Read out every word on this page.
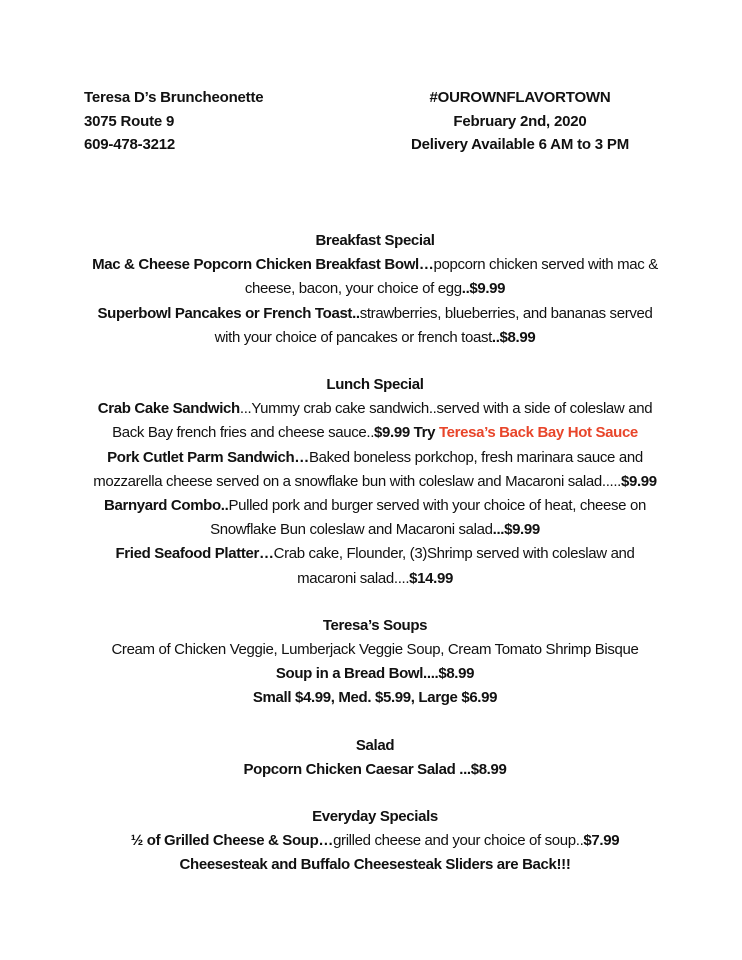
Teresa D’s Bruncheonette
3075 Route 9
609-478-3212
#OUROWNFLAVORTOWN
February 2nd, 2020
Delivery Available 6 AM to 3 PM
Breakfast Special
Mac & Cheese Popcorn Chicken Breakfast Bowl…popcorn chicken served with mac &
cheese, bacon, your choice of egg..$9.99
Superbowl Pancakes or French Toast..strawberries, blueberries, and bananas served
with your choice of pancakes or french toast..$8.99
Lunch Special
Crab Cake Sandwich...Yummy crab cake sandwich..served with a side of coleslaw and
Back Bay french fries and cheese sauce..$9.99 Try Teresa’s Back Bay Hot Sauce
Pork Cutlet Parm Sandwich…Baked boneless porkchop, fresh marinara sauce and
mozzarella cheese served on a snowflake bun with coleslaw and Macaroni salad.....$9.99
Barnyard Combo..Pulled pork and burger served with your choice of heat, cheese on
Snowflake Bun coleslaw and Macaroni salad...$9.99
Fried Seafood Platter…Crab cake, Flounder, (3)Shrimp served with coleslaw and
macaroni salad....$14.99
Teresa’s Soups
Cream of Chicken Veggie, Lumberjack Veggie Soup, Cream Tomato Shrimp Bisque
Soup in a Bread Bowl....$8.99
Small $4.99, Med. $5.99, Large $6.99
Salad
Popcorn Chicken Caesar Salad ...$8.99
Everyday Specials
½ of Grilled Cheese & Soup…grilled cheese and your choice of soup..$7.99
Cheesesteak and Buffalo Cheesesteak Sliders are Back!!!
